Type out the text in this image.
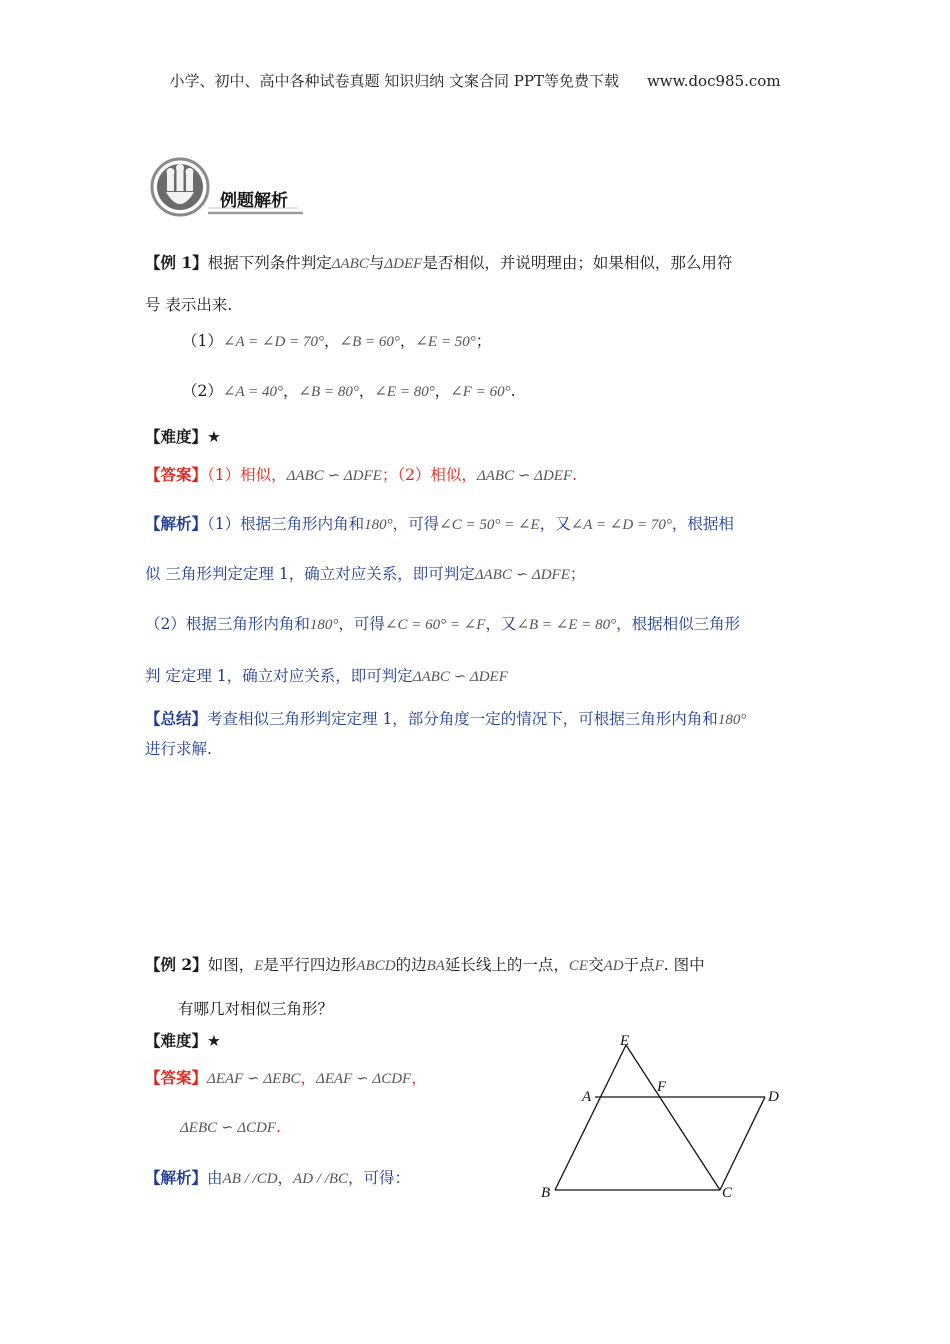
小学、初中、高中各种试卷真题 知识归纳 文案合同 PPT等免费下载 www.doc985.com
例题解析
【例 1】根据下列条件判定ΔABC与ΔDEF是否相似，并说明理由；如果相似，那么用符
号 表示出来.
（1）∠A = ∠D = 70°，∠B = 60°，∠E = 50°；
（2）∠A = 40°，∠B = 80°，∠E = 80°，∠F = 60°.
【难度】★
【答案】（1）相似，ΔABC ∽ ΔDFE；（2）相似，ΔABC ∽ ΔDEF.
【解析】（1）根据三角形内角和180°，可得∠C = 50° = ∠E，又∠A = ∠D = 70°，根据相
似 三角形判定定理 1，确立对应关系，即可判定ΔABC ∽ ΔDFE；
（2）根据三角形内角和180°，可得∠C = 60° = ∠F，又∠B = ∠E = 80°，根据相似三角形
判 定定理 1，确立对应关系，即可判定ΔABC ∽ ΔDEF
【总结】考查相似三角形判定定理 1，部分角度一定的情况下，可根据三角形内角和180°
进行求解.
【例 2】如图，E是平行四边形ABCD的边BA延长线上的一点，CE交AD于点F. 图中
有哪几对相似三角形？
【难度】★
【答案】ΔEAF ∽ ΔEBC，ΔEAF ∽ ΔCDF，
ΔEBC ∽ ΔCDF.
【解析】由AB / /CD，AD / /BC，可得：
E
A
F
D
B	C
